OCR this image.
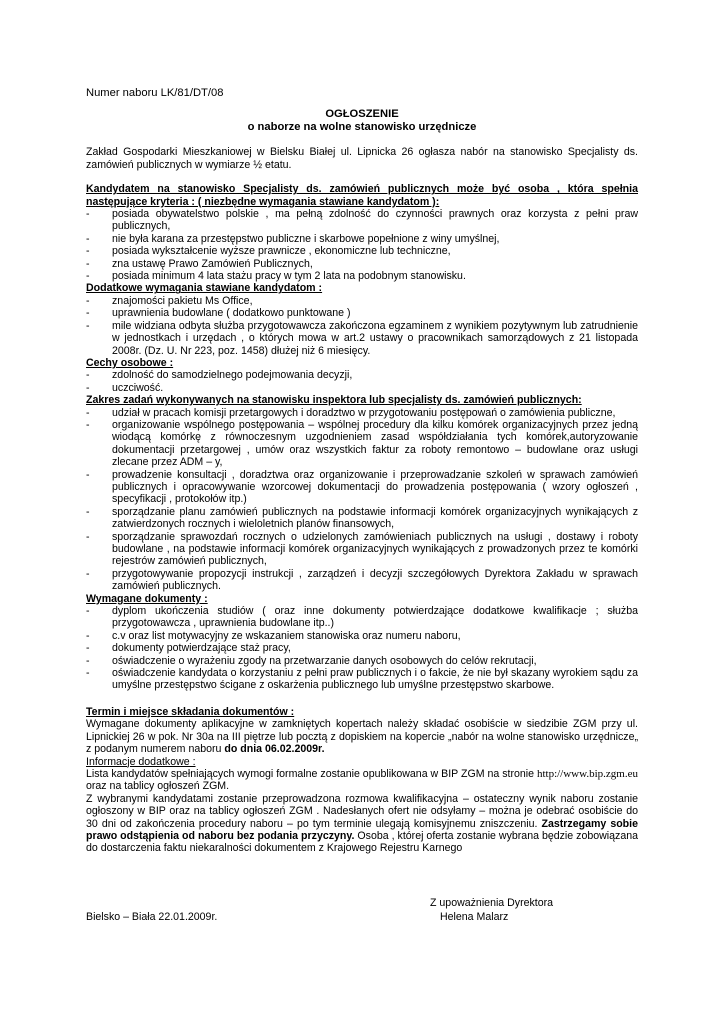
Numer naboru LK/81/DT/08
OGŁOSZENIE
o naborze na wolne stanowisko urzędnicze

Zakład Gospodarki Mieszkaniowej w Bielsku Białej ul. Lipnicka 26 ogłasza nabór na stanowisko Specjalisty ds. zamówień publicznych w wymiarze ½ etatu.

Kandydatem na stanowisko Specjalisty ds. zamówień publicznych może być osoba , która spełnia następujące kryteria : ( niezbędne wymagania stawiane kandydatom ):

- posiada obywatelstwo polskie , ma pełną zdolność do czynności prawnych oraz korzysta z pełni praw publicznych,
- nie była karana za przestępstwo publiczne i skarbowe popełnione z winy umyślnej,
- posiada wykształcenie wyższe prawnicze , ekonomiczne lub techniczne,
- zna ustawę Prawo Zamówień Publicznych,
- posiada minimum 4 lata stażu pracy w tym 2 lata na podobnym stanowisku.

Dodatkowe wymagania stawiane kandydatom :

- znajomości pakietu Ms Office,
- uprawnienia budowlane ( dodatkowo punktowane )
- mile widziana odbyta służba przygotowawcza zakończona egzaminem z wynikiem pozytywnym lub zatrudnienie w jednostkach i urzędach , o których mowa w art.2 ustawy o pracownikach samorządowych z 21 listopada 2008r. (Dz. U. Nr 223, poz. 1458) dłużej niż 6 miesięcy.

Cechy osobowe :

- zdolność do samodzielnego podejmowania decyzji,
- uczciwość.

Zakres zadań wykonywanych na stanowisku inspektora lub specjalisty ds. zamówień publicznych:

- udział w pracach komisji przetargowych i doradztwo w przygotowaniu postępowań o zamówienia publiczne,
- organizowanie wspólnego postępowania – wspólnej procedury dla kilku komórek organizacyjnych przez jedną wiodącą komórkę z równoczesnym uzgodnieniem zasad współdziałania tych komórek,autoryzowanie dokumentacji przetargowej , umów oraz wszystkich faktur za roboty remontowo – budowlane oraz usługi zlecane przez ADM – y,
- prowadzenie konsultacji , doradztwa oraz organizowanie i przeprowadzanie szkoleń w sprawach zamówień publicznych i opracowywanie wzorcowej dokumentacji do prowadzenia postępowania ( wzory ogłoszeń , specyfikacji , protokołów itp.)
- sporządzanie planu zamówień publicznych na podstawie informacji komórek organizacyjnych wynikających z zatwierdzonych rocznych i wieloletnich planów finansowych,
- sporządzanie sprawozdań rocznych o udzielonych zamówieniach publicznych na usługi , dostawy i roboty budowlane , na podstawie informacji komórek organizacyjnych wynikających z prowadzonych przez te komórki rejestrów zamówień publicznych,
- przygotowywanie propozycji instrukcji , zarządzeń i decyzji szczegółowych Dyrektora Zakładu w sprawach zamówień publicznych.

Wymagane dokumenty :

- dyplom ukończenia studiów ( oraz inne dokumenty potwierdzające dodatkowe kwalifikacje ; służba przygotowawcza , uprawnienia budowlane itp..)
- c.v oraz list motywacyjny ze wskazaniem stanowiska oraz numeru naboru,
- dokumenty potwierdzające staż pracy,
- oświadczenie o wyrażeniu zgody na przetwarzanie danych osobowych do celów rekrutacji,
- oświadczenie kandydata o korzystaniu z pełni praw publicznych i o fakcie, że nie był skazany wyrokiem sądu za umyślne przestępstwo ścigane z oskarżenia publicznego lub umyślne przestępstwo skarbowe.

Termin i miejsce składania dokumentów :

Wymagane dokumenty aplikacyjne w zamkniętych kopertach należy składać osobiście w siedzibie ZGM przy ul. Lipnickiej 26 w pok. Nr 30a na III piętrze lub pocztą z dopiskiem na kopercie „nabór na wolne stanowisko urzędnicze„ z podanym numerem naboru do dnia 06.02.2009r.

Informacje dodatkowe :

Lista kandydatów spełniających wymogi formalne zostanie opublikowana w BIP ZGM na stronie http://www.bip.zgm.eu oraz na tablicy ogłoszeń ZGM.

Z wybranymi kandydatami zostanie przeprowadzona rozmowa kwalifikacyjna – ostateczny wynik naboru zostanie ogłoszony w BIP oraz na tablicy ogłoszeń ZGM . Nadesłanych ofert nie odsyłamy – można je odebrać osobiście do 30 dni od zakończenia procedury naboru – po tym terminie ulegają komisyjnemu zniszczeniu. Zastrzegamy sobie prawo odstąpienia od naboru bez podania przyczyny. Osoba , której oferta zostanie wybrana będzie zobowiązana do dostarczenia faktu niekaralności dokumentem z Krajowego Rejestru Karnego

Bielsko – Biała 22.01.2009r.
Z upoważnienia Dyrektora
Helena Malarz
